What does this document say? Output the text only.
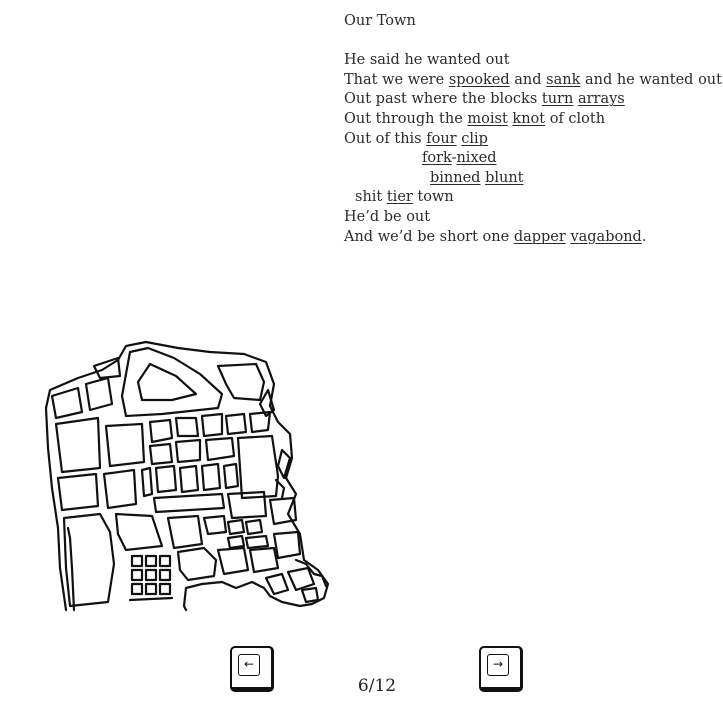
Our Town
He said he wanted out
That we were spooked and sank and he wanted out
Out past where the blocks turn arrays
Out through the moist knot of cloth
Out of this four clip
fork-nixed
binned blunt
shit tier town
He’d be out
And we’d be short one dapper vagabond.
←
6/12
→
